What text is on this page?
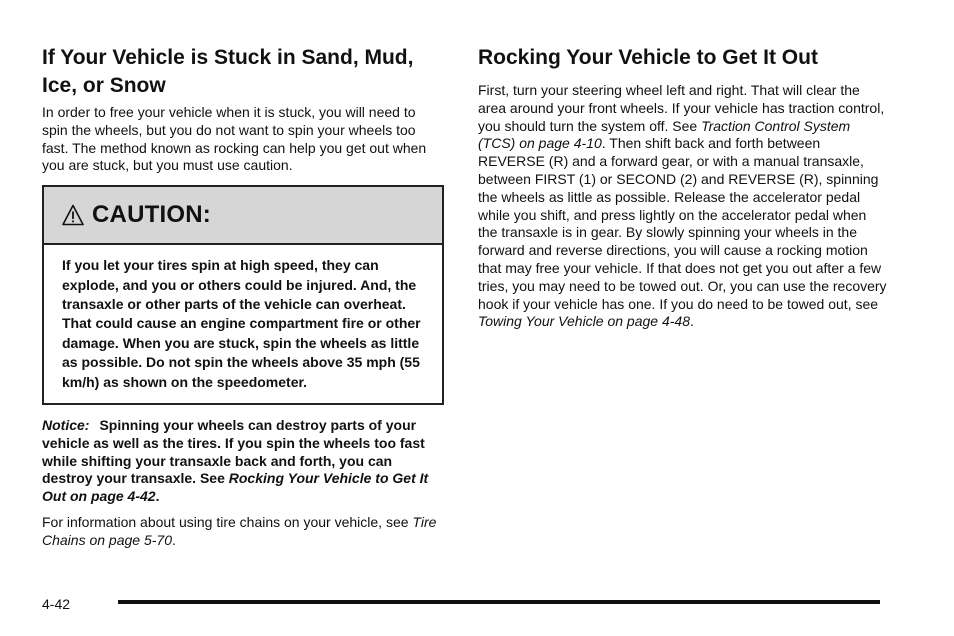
If Your Vehicle is Stuck in Sand, Mud, Ice, or Snow

In order to free your vehicle when it is stuck, you will need to spin the wheels, but you do not want to spin your wheels too fast. The method known as rocking can help you get out when you are stuck, but you must use caution.

CAUTION:
If you let your tires spin at high speed, they can explode, and you or others could be injured. And, the transaxle or other parts of the vehicle can overheat. That could cause an engine compartment fire or other damage. When you are stuck, spin the wheels as little as possible. Do not spin the wheels above 35 mph (55 km/h) as shown on the speedometer.

Notice: Spinning your wheels can destroy parts of your vehicle as well as the tires. If you spin the wheels too fast while shifting your transaxle back and forth, you can destroy your transaxle. See Rocking Your Vehicle to Get It Out on page 4-42.

For information about using tire chains on your vehicle, see Tire Chains on page 5-70.

Rocking Your Vehicle to Get It Out

First, turn your steering wheel left and right. That will clear the area around your front wheels. If your vehicle has traction control, you should turn the system off. See Traction Control System (TCS) on page 4-10. Then shift back and forth between REVERSE (R) and a forward gear, or with a manual transaxle, between FIRST (1) or SECOND (2) and REVERSE (R), spinning the wheels as little as possible. Release the accelerator pedal while you shift, and press lightly on the accelerator pedal when the transaxle is in gear. By slowly spinning your wheels in the forward and reverse directions, you will cause a rocking motion that may free your vehicle. If that does not get you out after a few tries, you may need to be towed out. Or, you can use the recovery hook if your vehicle has one. If you do need to be towed out, see Towing Your Vehicle on page 4-48.

4-42
